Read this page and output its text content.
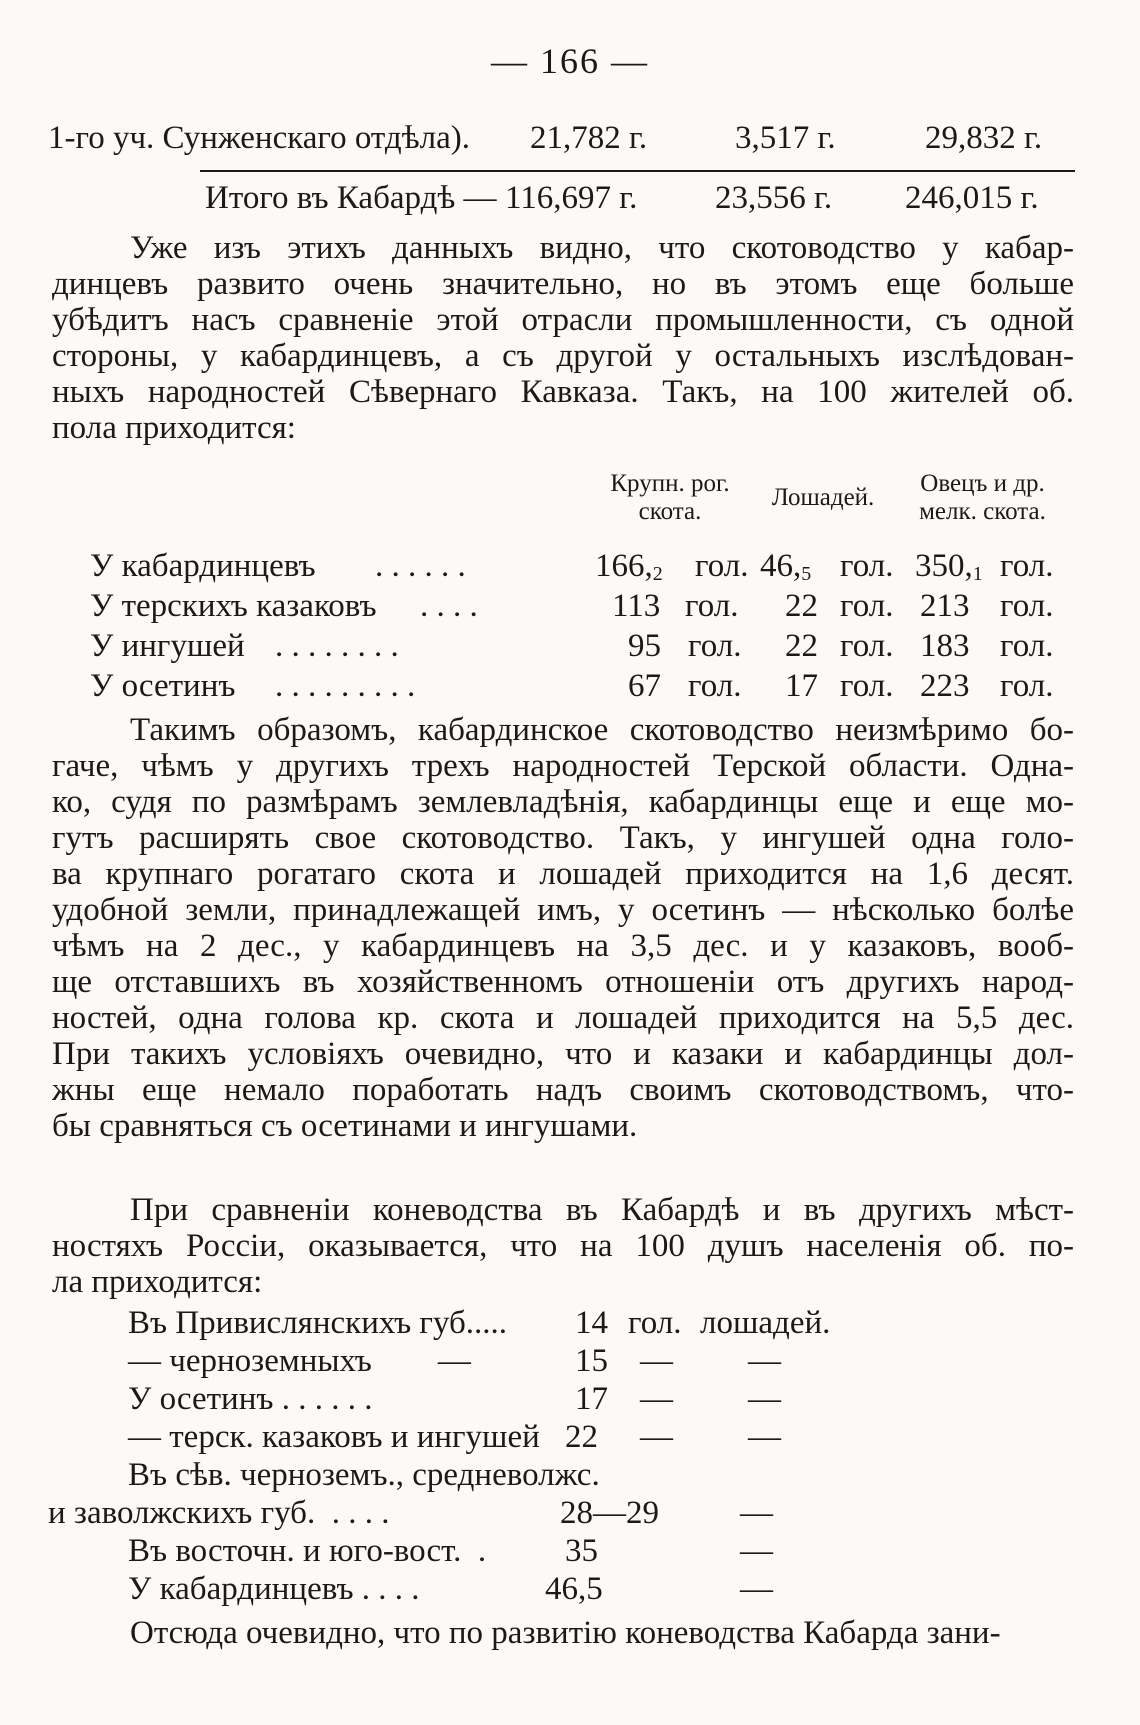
— 166 —
1-го уч. Сунженскаго отдѣла). 21,782 г.	3,517 г.	29,832 г.
Итого въ Кабардѣ — 116,697 г. 23,556 г. 246,015 г.

Уже изъ этихъ данныхъ видно, что скотоводство у кабар-
динцевъ развито очень значительно, но въ этомъ еще больше
убѣдитъ насъ сравненіе этой отрасли промышленности, съ одной
стороны, у кабардинцевъ, а съ другой у остальныхъ изслѣдован-
ныхъ народностей Сѣвернаго Кавказа. Такъ, на 100 жителей об.
пола приходится:

Крупн. рог.
скота.
Лошадей.
Овецъ и др.
мелк. скота.
У кабардинцевъ . . . . . .	$166,_2$ гол. $46,_5$ гол. $350,_1$ гол.
У терскихъ казаковъ . . . .	113 гол. 22 гол. 213 гол.
У ингушей . . . . . . . .	95 гол. 22 гол. 183 гол.
У осетинъ . . . . . . . . .	67 гол. 17 гол. 223 гол.

Такимъ образомъ, кабардинское скотоводство неизмѣримо бо-
гаче, чѣмъ у другихъ трехъ народностей Терской области. Одна-
ко, судя по размѣрамъ землевладѣнія, кабардинцы еще и еще мо-
гутъ расширять свое скотоводство. Такъ, у ингушей одна голо-
ва крупнаго рогатаго скота и лошадей приходится на 1,6 десят.
удобной земли, принадлежащей имъ, у осетинъ — нѣсколько болѣе
чѣмъ на 2 дес., у кабардинцевъ на 3,5 дес. и у казаковъ, вооб-
ще отставшихъ въ хозяйственномъ отношеніи отъ другихъ народ-
ностей, одна голова кр. скота и лошадей приходится на 5,5 дес.
При такихъ условіяхъ очевидно, что и казаки и кабардинцы дол-
жны еще немало поработать надъ своимъ скотоводствомъ, что-
бы сравняться съ осетинами и ингушами.

При сравненіи коневодства въ Кабардѣ и въ другихъ мѣст-
ностяхъ Россіи, оказывается, что на 100 душъ населенія об. по-
ла приходится:

Въ Привислянскихъ губ..... 14 гол. лошадей.
— черноземныхъ        —	15 — —
У осетинъ . . . . . .	17 — —
— терск. казаковъ и ингушей 22 — —
Въ сѣв. черноземъ., средневолжс.
и заволжскихъ губ.  . . . .	28—29 —
Въ восточн. и юго-вост.  . 35	—
У кабардинцевъ . . . .	46,5	—

Отсюда очевидно, что по развитію коневодства Кабарда зани-
